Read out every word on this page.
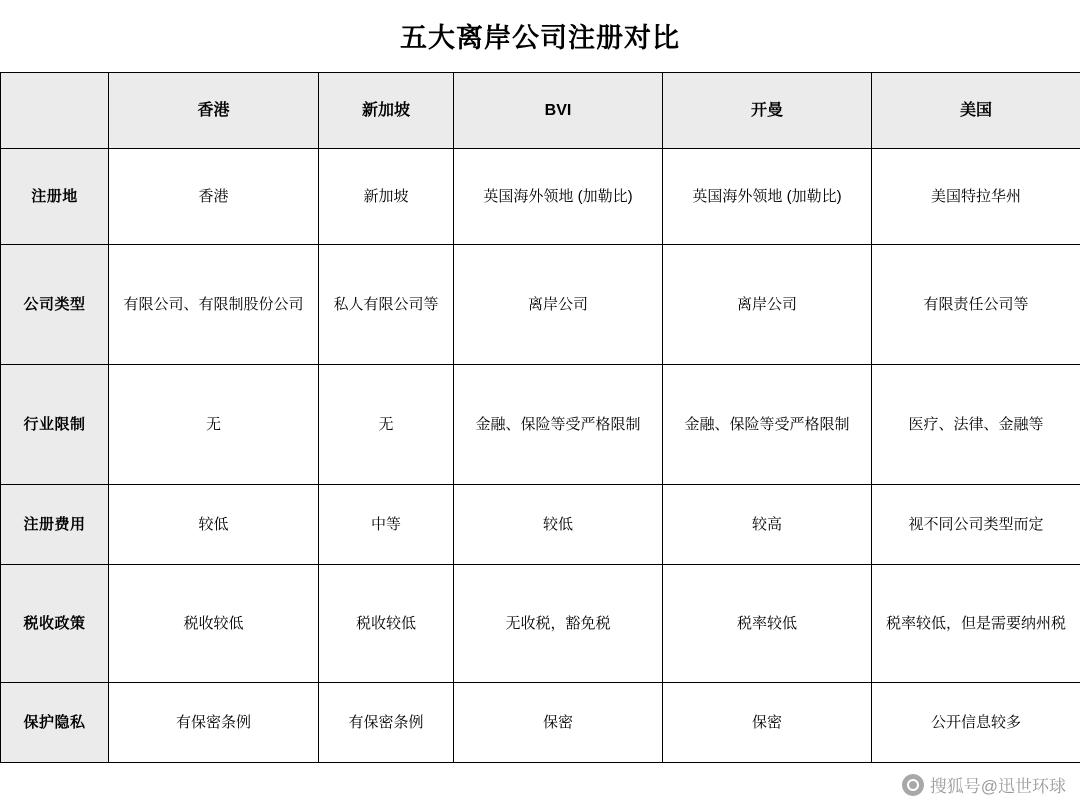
五大离岸公司注册对比
	香港	新加坡	BVI	开曼	美国
注册地	香港	新加坡	英国海外领地 (加勒比)	英国海外领地 (加勒比)	美国特拉华州
公司类型	有限公司、有限制股份公司	私人有限公司等	离岸公司	离岸公司	有限责任公司等
行业限制	无	无	金融、保险等受严格限制	金融、保险等受严格限制	医疗、法律、金融等
注册费用	较低	中等	较低	较高	视不同公司类型而定
税收政策	税收较低	税收较低	无收税，豁免税	税率较低	税率较低，但是需要纳州税
保护隐私	有保密条例	有保密条例	保密	保密	公开信息较多
搜狐号@迅世环球
